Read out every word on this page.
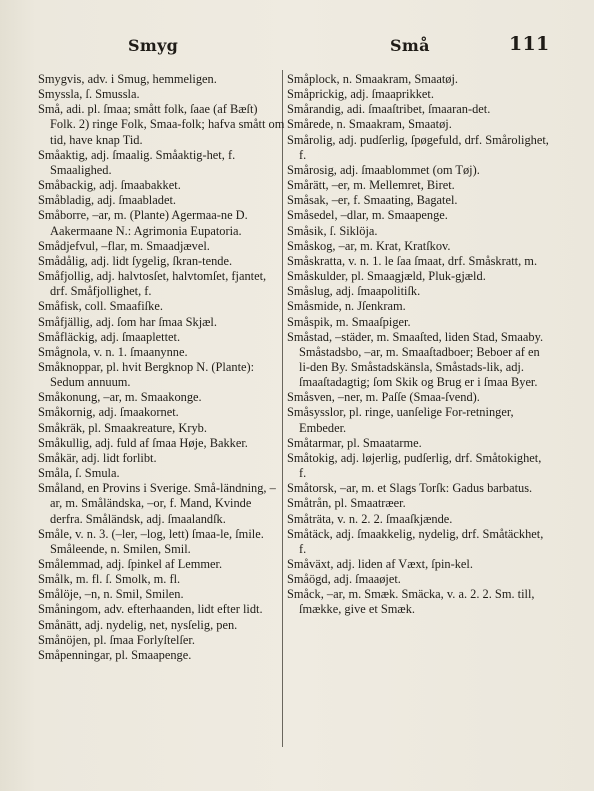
Smyg	Små	111
Smygvis, adv. i Smug, hemmeligen.
Smyssla, ſ. Smussla.
Små, adi. pl. ſmaa; smått folk, ſaae (af Bæſt) Folk. 2) ringe Folk, Smaa-folk; hafva smått om tid, have knap Tid.
Småaktig, adj. ſmaalig. Småaktig-het, f. Smaalighed.
Småbackig, adj. ſmaabakket.
Småbladig, adj. ſmaabladet.
Småborre, –ar, m. (Plante) Agermaa-ne D. Aakermaane N.: Agrimonia Eupatoria.
Smådjefvul, –flar, m. Smaadjævel.
Smådålig, adj. lidt ſygelig, ſkran-tende.
Småfjollig, adj. halvtosſet, halvtomſet, fjantet, drf. Småfjollighet, f.
Småfisk, coll. Smaafiſke.
Småfjällig, adj. ſom har ſmaa Skjæl.
Småfläckig, adj. ſmaaplettet.
Smågnola, v. n. 1. ſmaanynne.
Småknoppar, pl. hvit Bergknop N. (Plante): Sedum annuum.
Småkonung, –ar, m. Smaakonge.
Småkornig, adj. ſmaakornet.
Småkräk, pl. Smaakreature, Kryb.
Småkullig, adj. fuld af ſmaa Høje, Bakker.
Småkär, adj. lidt forlibt.
Småla, ſ. Smula.
Småland, en Provins i Sverige. Små-ländning, –ar, m. Småländska, –or, f. Mand, Kvinde derfra. Småländsk, adj. ſmaalandſk.
Småle, v. n. 3. (–ler, –log, lett) ſmaa-le, ſmile. Småleende, n. Smilen, Smil.
Smålemmad, adj. ſpinkel af Lemmer.
Smålk, m. fl. ſ. Smolk, m. fl.
Smålöje, –n, n. Smil, Smilen.
Småningom, adv. efterhaanden, lidt efter lidt.
Smånätt, adj. nydelig, net, nysſelig, pen.
Smånöjen, pl. ſmaa Forlyſtelſer.
Småpenningar, pl. Smaapenge.
Småplock, n. Smaakram, Smaatøj.
Småprickig, adj. ſmaaprikket.
Smårandig, adi. ſmaaſtribet, ſmaaran-det.
Smårede, n. Smaakram, Smaatøj.
Smårolig, adj. pudſerlig, ſpøgefuld, drf. Smårolighet, f.
Smårosig, adj. ſmaablommet (om Tøj).
Smårätt, –er, m. Mellemret, Biret.
Småsak, –er, f. Smaating, Bagatel.
Småsedel, –dlar, m. Smaapenge.
Småsik, ſ. Siklöja.
Småskog, –ar, m. Krat, Kratſkov.
Småskratta, v. n. 1. le ſaa ſmaat, drf. Småskratt, m.
Småskulder, pl. Smaagjæld, Pluk-gjæld.
Småslug, adj. ſmaapolitiſk.
Småsmide, n. Jſenkram.
Småspik, m. Smaaſpiger.
Småstad, –städer, m. Smaaſted, liden Stad, Smaaby. Småstadsbo, –ar, m. Smaaſtadboer; Beboer af en li-den By. Småstadskänsla, Småstads-lik, adj. ſmaaſtadagtig; ſom Skik og Brug er i ſmaa Byer.
Småsven, –ner, m. Paſſe (Smaa-ſvend).
Småsysslor, pl. ringe, uanſelige For-retninger, Embeder.
Småtarmar, pl. Smaatarme.
Småtokig, adj. løjerlig, pudſerlig, drf. Småtokighet, f.
Småtorsk, –ar, m. et Slags Torſk: Gadus barbatus.
Småtrån, pl. Smaatræer.
Småträta, v. n. 2. 2. ſmaaſkjænde.
Småtäck, adj. ſmaakkelig, nydelig, drf. Småtäckhet, f.
Småväxt, adj. liden af Væxt, ſpin-kel.
Småögd, adj. ſmaaøjet.
Småck, –ar, m. Smæk. Smäcka, v. a. 2. 2. Sm. till, ſmække, give et Smæk.
